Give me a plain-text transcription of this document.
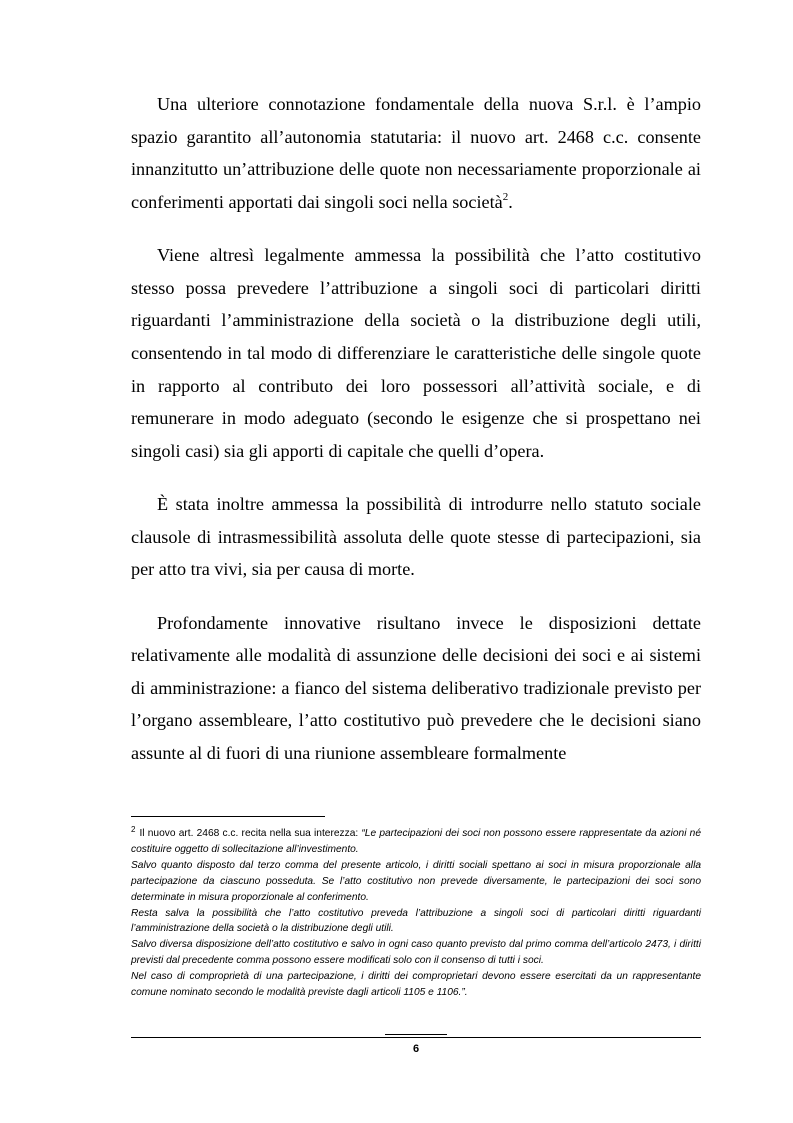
Una ulteriore connotazione fondamentale della nuova S.r.l. è l’ampio spazio garantito all’autonomia statutaria: il nuovo art. 2468 c.c. consente innanzitutto un’attribuzione delle quote non necessariamente proporzionale ai conferimenti apportati dai singoli soci nella società$^2$.

Viene altresì legalmente ammessa la possibilità che l’atto costitutivo stesso possa prevedere l’attribuzione a singoli soci di particolari diritti riguardanti l’amministrazione della società o la distribuzione degli utili, consentendo in tal modo di differenziare le caratteristiche delle singole quote in rapporto al contributo dei loro possessori all’attività sociale, e di remunerare in modo adeguato (secondo le esigenze che si prospettano nei singoli casi) sia gli apporti di capitale che quelli d’opera.

È stata inoltre ammessa la possibilità di introdurre nello statuto sociale clausole di intrasmessibilità assoluta delle quote stesse di partecipazioni, sia per atto tra vivi, sia per causa di morte.

Profondamente innovative risultano invece le disposizioni dettate relativamente alle modalità di assunzione delle decisioni dei soci e ai sistemi di amministrazione: a fianco del sistema deliberativo tradizionale previsto per l’organo assembleare, l’atto costitutivo può prevedere che le decisioni siano assunte al di fuori di una riunione assembleare formalmente

$^2$ Il nuovo art. 2468 c.c. recita nella sua interezza: “Le partecipazioni dei soci non possono essere rappresentate da azioni né costituire oggetto di sollecitazione all’investimento.
Salvo quanto disposto dal terzo comma del presente articolo, i diritti sociali spettano ai soci in misura proporzionale alla partecipazione da ciascuno posseduta. Se l’atto costitutivo non prevede diversamente, le partecipazioni dei soci sono determinate in misura proporzionale al conferimento.
Resta salva la possibilità che l’atto costitutivo preveda l’attribuzione a singoli soci di particolari diritti riguardanti l’amministrazione della società o la distribuzione degli utili.
Salvo diversa disposizione dell’atto costitutivo e salvo in ogni caso quanto previsto dal primo comma dell’articolo 2473, i diritti previsti dal precedente comma possono essere modificati solo con il consenso di tutti i soci.
Nel caso di comproprietà di una partecipazione, i diritti dei comproprietari devono essere esercitati da un rappresentante comune nominato secondo le modalità previste dagli articoli 1105 e 1106.”.
6
